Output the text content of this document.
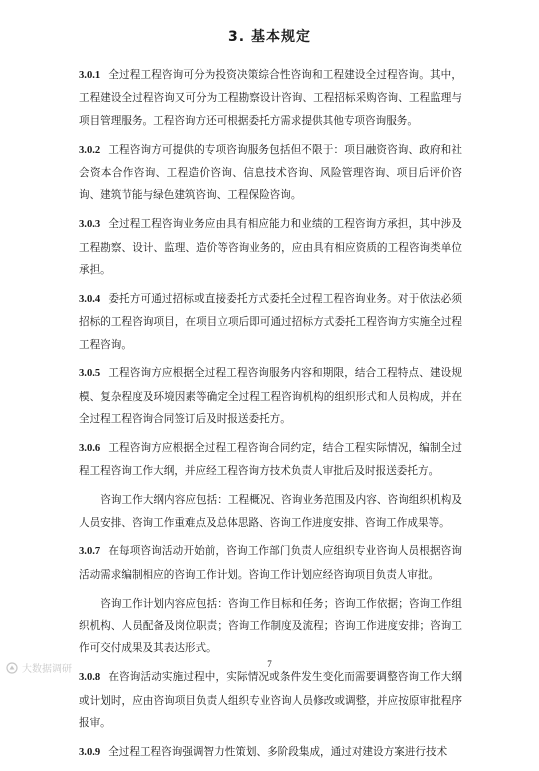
3. 基本规定

3.0.1 全过程工程咨询可分为投资决策综合性咨询和工程建设全过程咨询。其中，工程建设全过程咨询又可分为工程勘察设计咨询、工程招标采购咨询、工程监理与项目管理服务。工程咨询方还可根据委托方需求提供其他专项咨询服务。

3.0.2 工程咨询方可提供的专项咨询服务包括但不限于：项目融资咨询、政府和社会资本合作咨询、工程造价咨询、信息技术咨询、风险管理咨询、项目后评价咨询、建筑节能与绿色建筑咨询、工程保险咨询。

3.0.3 全过程工程咨询业务应由具有相应能力和业绩的工程咨询方承担，其中涉及工程勘察、设计、监理、造价等咨询业务的，应由具有相应资质的工程咨询类单位承担。

3.0.4 委托方可通过招标或直接委托方式委托全过程工程咨询业务。对于依法必须招标的工程咨询项目，在项目立项后即可通过招标方式委托工程咨询方实施全过程工程咨询。

3.0.5 工程咨询方应根据全过程工程咨询服务内容和期限，结合工程特点、建设规模、复杂程度及环境因素等确定全过程工程咨询机构的组织形式和人员构成，并在全过程工程咨询合同签订后及时报送委托方。

3.0.6 工程咨询方应根据全过程工程咨询合同约定，结合工程实际情况，编制全过程工程咨询工作大纲，并应经工程咨询方技术负责人审批后及时报送委托方。

咨询工作大纲内容应包括：工程概况、咨询业务范围及内容、咨询组织机构及人员安排、咨询工作重难点及总体思路、咨询工作进度安排、咨询工作成果等。

3.0.7 在每项咨询活动开始前，咨询工作部门负责人应组织专业咨询人员根据咨询活动需求编制相应的咨询工作计划。咨询工作计划应经咨询项目负责人审批。

咨询工作计划内容应包括：咨询工作目标和任务；咨询工作依据；咨询工作组织机构、人员配备及岗位职责；咨询工作制度及流程；咨询工作进度安排；咨询工作可交付成果及其表达形式。

3.0.8 在咨询活动实施过程中，实际情况或条件发生变化而需要调整咨询工作大纲或计划时，应由咨询项目负责人组织专业咨询人员修改或调整，并应按原审批程序报审。

3.0.9 全过程工程咨询强调智力性策划、多阶段集成，通过对建设方案进行技术

7
大数据调研
